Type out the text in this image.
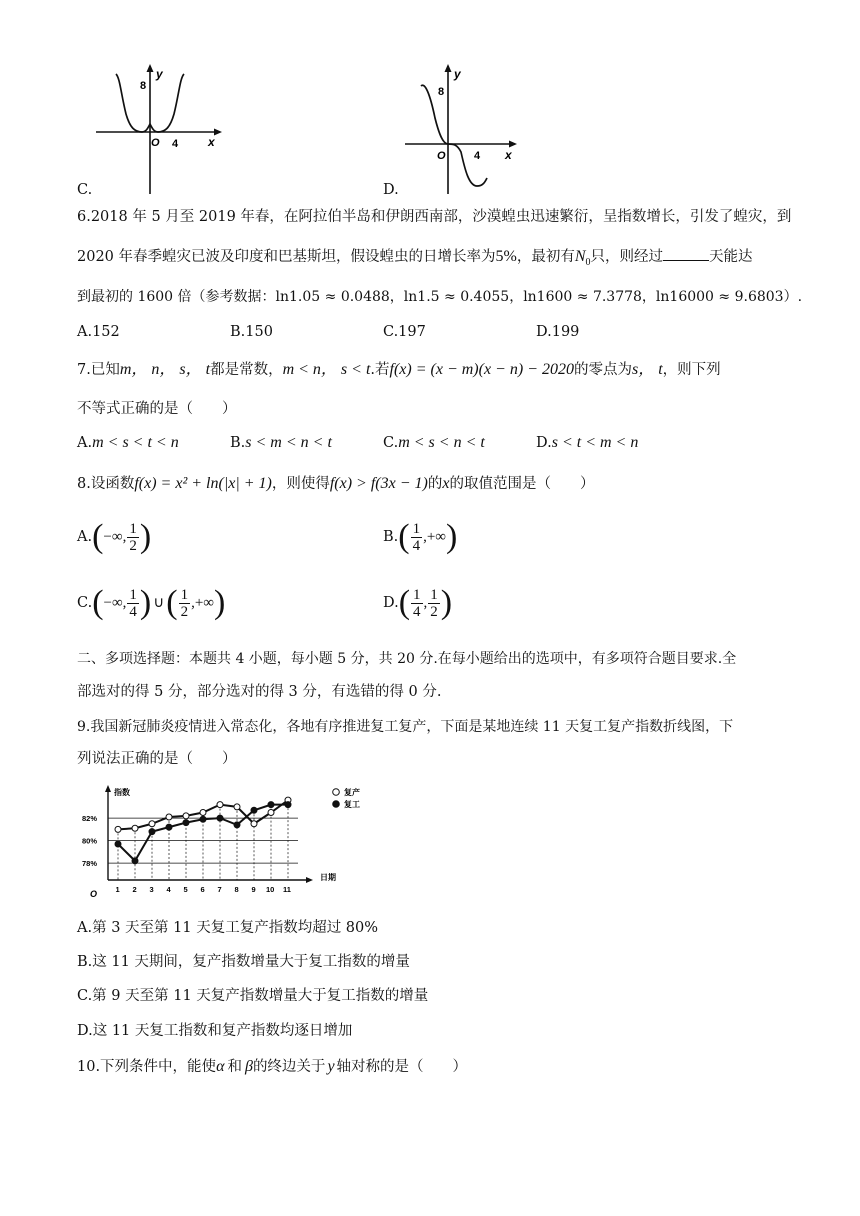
y
x
8
4
O
C.
y
x
8
4
O
D.
6.2018 年 5 月至 2019 年春，在阿拉伯半岛和伊朗西南部，沙漠蝗虫迅速繁衍，呈指数增长，引发了蝗灾，到
2020 年春季蝗灾已波及印度和巴基斯坦，假设蝗虫的日增长率为5%，最初有$N_0$只，则经过	天能达
到最初的 1600 倍（参考数据：ln1.05 ≈ 0.0488，ln1.5 ≈ 0.4055，ln1600 ≈ 7.3778，ln16000 ≈ 9.6803）.
A.152	B.150	C.197	D.199
7.已知m， n， s， t都是常数，m < n， s < t.若f(x) = (x − m)(x − n) − 2020的零点为s， t，则下列
不等式正确的是（　　）
A.m < s < t < n	B.s < m < n < t	C.m < s < n < t	D.s < t < m < n
8.设函数f(x) = x² + ln(|x| + 1)，则使得f(x) > f(3x − 1)的x的取值范围是（　　）
A. ( −∞, $\frac{1}{2}$ )	B. ( $\frac{1}{4}$ ,+∞ )
C. ( −∞, $\frac{1}{4}$ ) ∪ ( $\frac{1}{2}$ ,+∞ )	D. ( $\frac{1}{4}$ , $\frac{1}{2}$ )
二、多项选择题：本题共 4 小题，每小题 5 分，共 20 分.在每小题给出的选项中，有多项符合题目要求.全
部选对的得 5 分，部分选对的得 3 分，有选错的得 0 分.
9.我国新冠肺炎疫情进入常态化，各地有序推进复工复产，下面是某地连续 11 天复工复产指数折线图，下
列说法正确的是（　　）
指数
日期
O
复产
复工
82%
80%
78%
1 2 3 4 5 6 7 8 9 10 11
A.第 3 天至第 11 天复工复产指数均超过 80%
B.这 11 天期间，复产指数增量大于复工指数的增量
C.第 9 天至第 11 天复产指数增量大于复工指数的增量
D.这 11 天复工指数和复产指数均逐日增加
10.下列条件中，能使α 和 β的终边关于 y 轴对称的是（　　）
